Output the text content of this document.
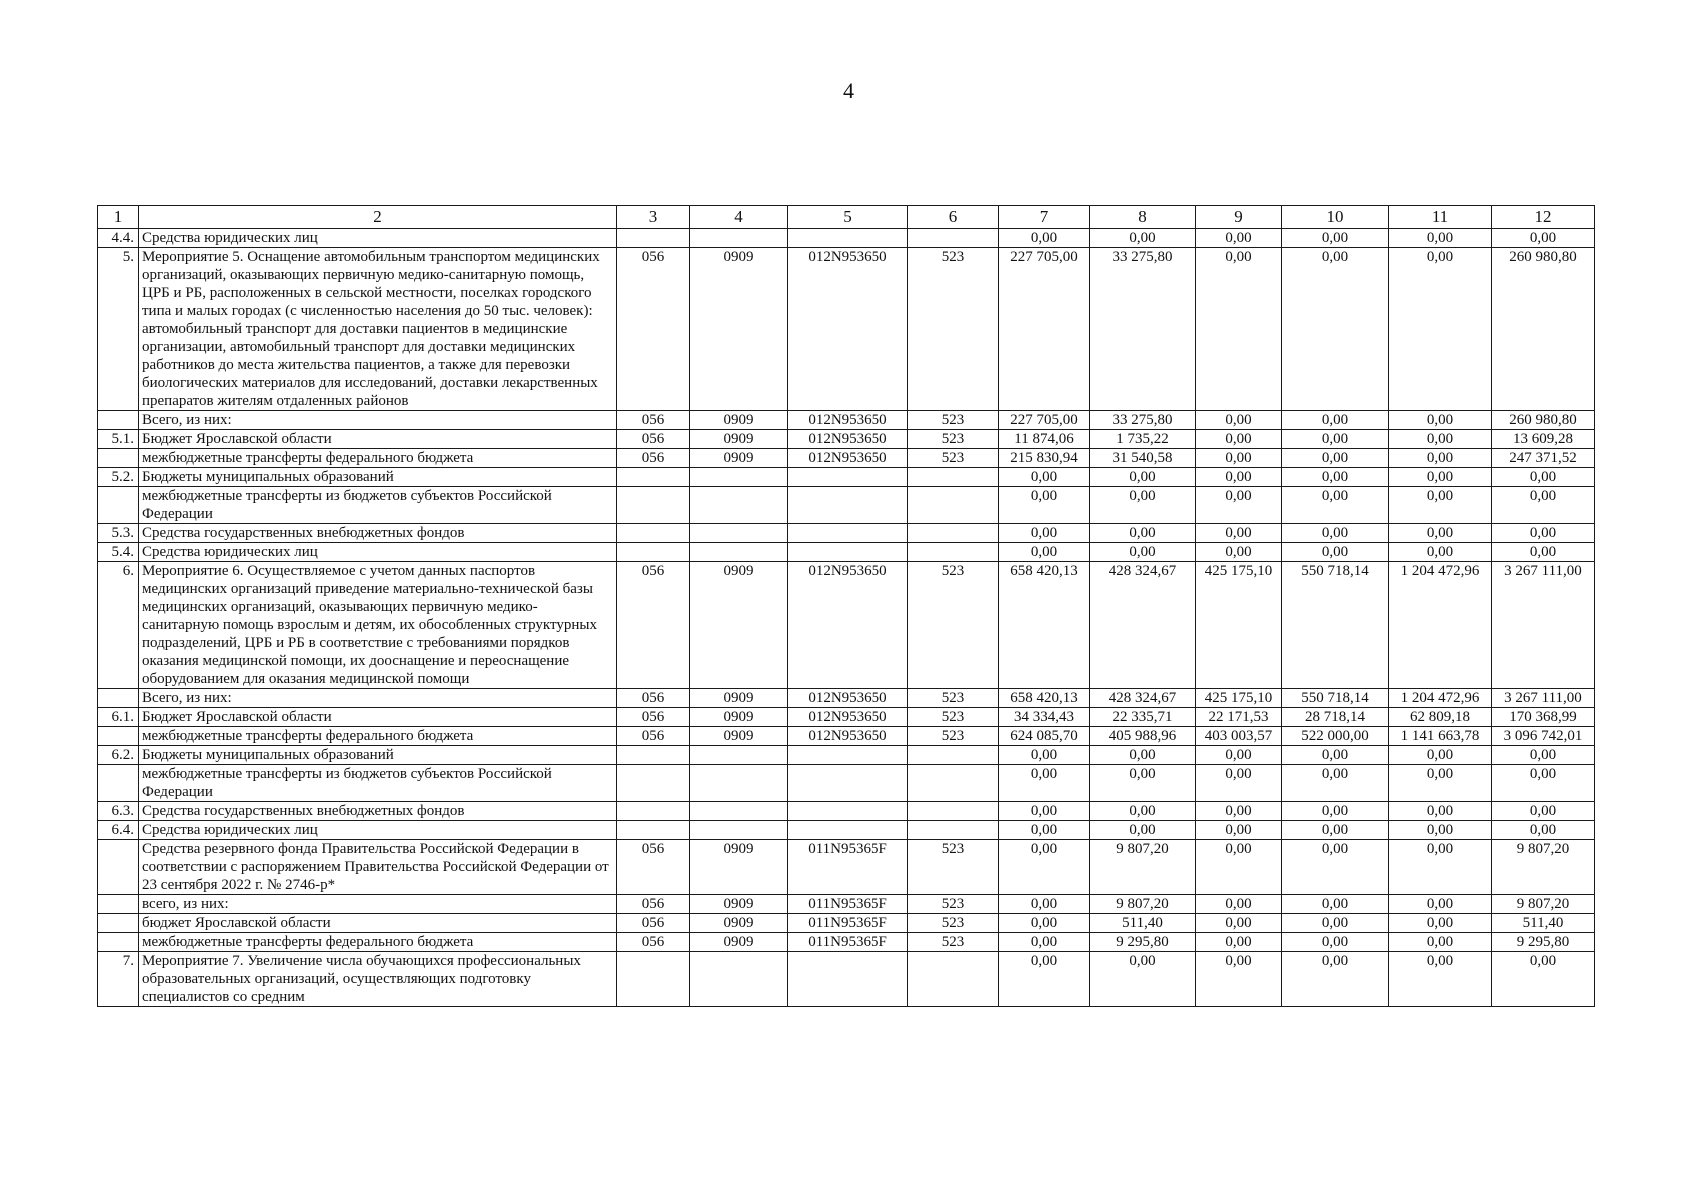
4
1	2	3	4	5	6	7	8	9	10	11	12
4.4.	Средства юридических лиц					0,00	0,00	0,00	0,00	0,00	0,00
5.	Мероприятие 5. Оснащение автомобильным транспортом медицинских организаций, оказывающих первичную медико-санитарную помощь, ЦРБ и РБ, расположенных в сельской местности, поселках городского типа и малых городах (с численностью населения до 50 тыс. человек): автомобильный транспорт для доставки пациентов в медицинские организации, автомобильный транспорт для доставки медицинских работников до места жительства пациентов, а также для перевозки биологических материалов для исследований, доставки лекарственных препаратов жителям отдаленных районов	056	0909	012N953650	523	227 705,00	33 275,80	0,00	0,00	0,00	260 980,80
	Всего, из них:	056	0909	012N953650	523	227 705,00	33 275,80	0,00	0,00	0,00	260 980,80
5.1.	Бюджет Ярославской области	056	0909	012N953650	523	11 874,06	1 735,22	0,00	0,00	0,00	13 609,28
	межбюджетные трансферты федерального бюджета	056	0909	012N953650	523	215 830,94	31 540,58	0,00	0,00	0,00	247 371,52
5.2.	Бюджеты муниципальных образований					0,00	0,00	0,00	0,00	0,00	0,00
	межбюджетные трансферты из бюджетов субъектов Российской Федерации					0,00	0,00	0,00	0,00	0,00	0,00
5.3.	Средства государственных внебюджетных фондов					0,00	0,00	0,00	0,00	0,00	0,00
5.4.	Средства юридических лиц					0,00	0,00	0,00	0,00	0,00	0,00
6.	Мероприятие 6. Осуществляемое с учетом данных паспортов медицинских организаций приведение материально-технической базы медицинских организаций, оказывающих первичную медико-санитарную помощь взрослым и детям, их обособленных структурных подразделений, ЦРБ и РБ в соответствие с требованиями порядков оказания медицинской помощи, их дооснащение и переоснащение оборудованием для оказания медицинской помощи	056	0909	012N953650	523	658 420,13	428 324,67	425 175,10	550 718,14	1 204 472,96	3 267 111,00
	Всего, из них:	056	0909	012N953650	523	658 420,13	428 324,67	425 175,10	550 718,14	1 204 472,96	3 267 111,00
6.1.	Бюджет Ярославской области	056	0909	012N953650	523	34 334,43	22 335,71	22 171,53	28 718,14	62 809,18	170 368,99
	межбюджетные трансферты федерального бюджета	056	0909	012N953650	523	624 085,70	405 988,96	403 003,57	522 000,00	1 141 663,78	3 096 742,01
6.2.	Бюджеты муниципальных образований					0,00	0,00	0,00	0,00	0,00	0,00
	межбюджетные трансферты из бюджетов субъектов Российской Федерации					0,00	0,00	0,00	0,00	0,00	0,00
6.3.	Средства государственных внебюджетных фондов					0,00	0,00	0,00	0,00	0,00	0,00
6.4.	Средства юридических лиц					0,00	0,00	0,00	0,00	0,00	0,00
	Средства резервного фонда Правительства Российской Федерации в соответствии с распоряжением Правительства Российской Федерации от 23 сентября 2022 г. № 2746-р*	056	0909	011N95365F	523	0,00	9 807,20	0,00	0,00	0,00	9 807,20
	всего, из них:	056	0909	011N95365F	523	0,00	9 807,20	0,00	0,00	0,00	9 807,20
	бюджет Ярославской области	056	0909	011N95365F	523	0,00	511,40	0,00	0,00	0,00	511,40
	межбюджетные трансферты федерального бюджета	056	0909	011N95365F	523	0,00	9 295,80	0,00	0,00	0,00	9 295,80
7.	Мероприятие 7. Увеличение числа обучающихся профессиональных образовательных организаций, осуществляющих подготовку специалистов со средним					0,00	0,00	0,00	0,00	0,00	0,00
